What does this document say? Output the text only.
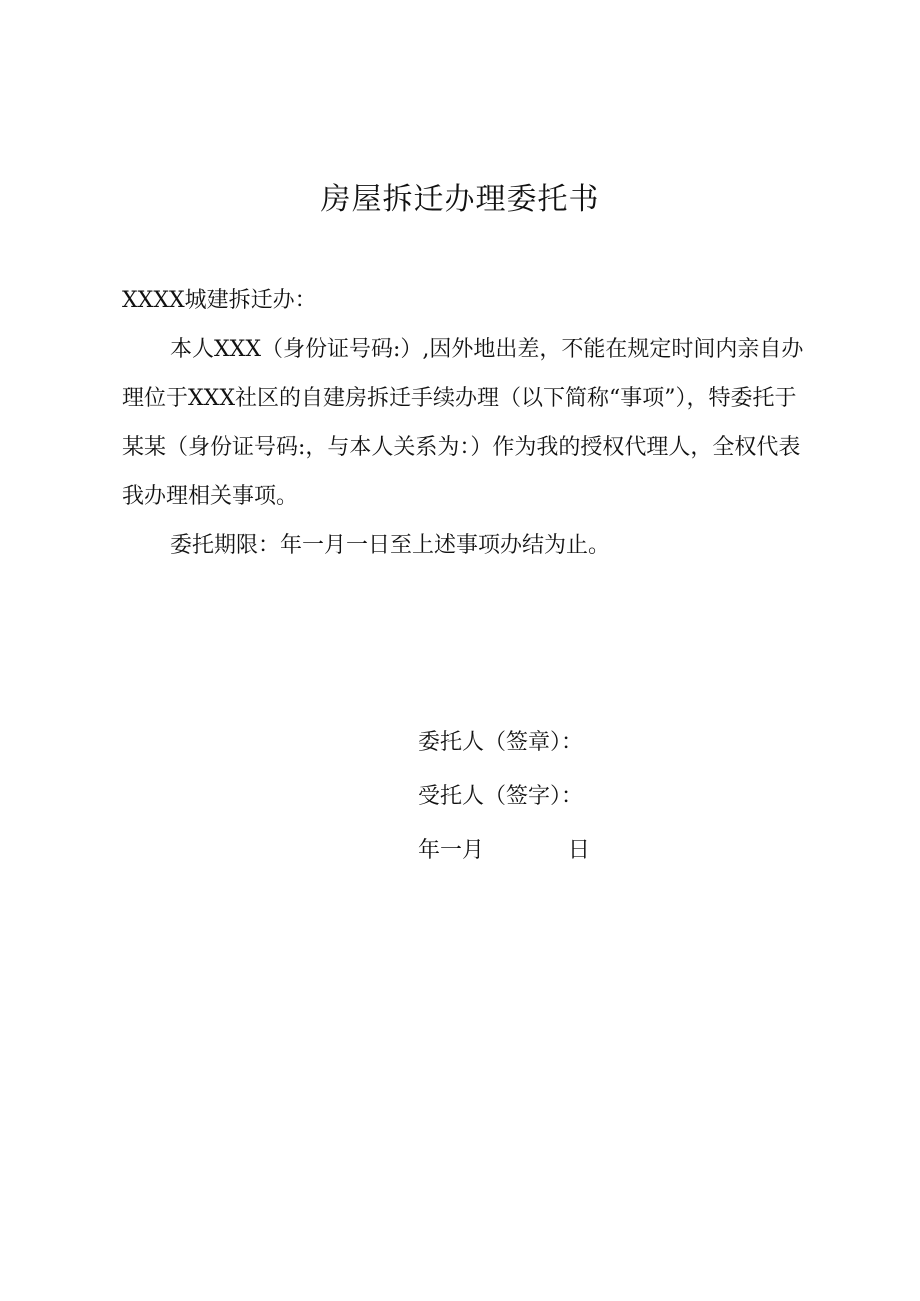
房屋拆迁办理委托书

XXXX城建拆迁办：

本人XXX（身份证号码:）,因外地出差，不能在规定时间内亲自办理位于XXX社区的自建房拆迁手续办理（以下简称“事项”），特委托于某某（身份证号码:，与本人关系为：）作为我的授权代理人，全权代表我办理相关事项。

委托期限：年一月一日至上述事项办结为止。

委托人（签章）：

受托人（签字）：

年一月            日
